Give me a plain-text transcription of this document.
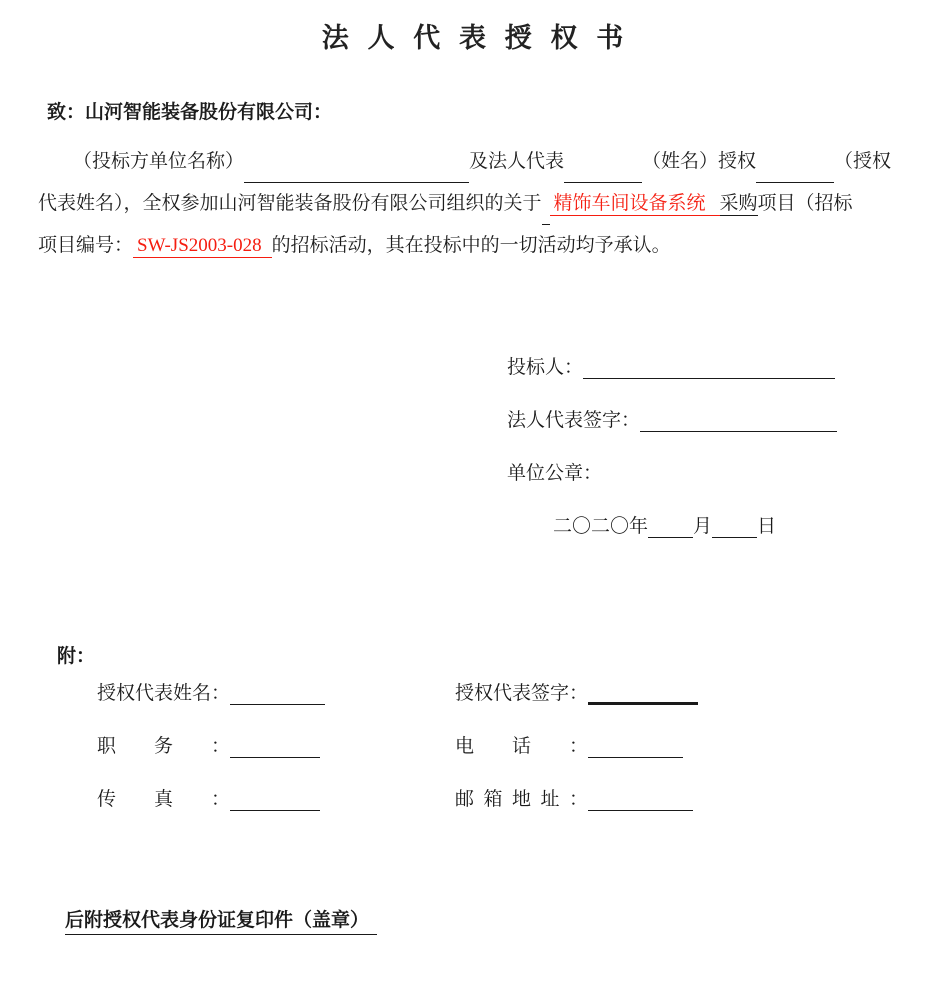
法 人 代 表 授 权 书
致：山河智能装备股份有限公司：
（投标方单位名称）	及法人代表	（姓名）授权	（授权
代表姓名），全权参加山河智能装备股份有限公司组织的关于 精饰车间设备系统 采购项目（招标
项目编号： SW-JS2003-028 的招标活动，其在投标中的一切活动均予承认。
投标人：
法人代表签字：
单位公章：
二〇二〇年 月 日
附：
授权代表姓名：	授权代表签字：
职务：	电话：
传真：	邮箱地址：
后附授权代表身份证复印件（盖章）
